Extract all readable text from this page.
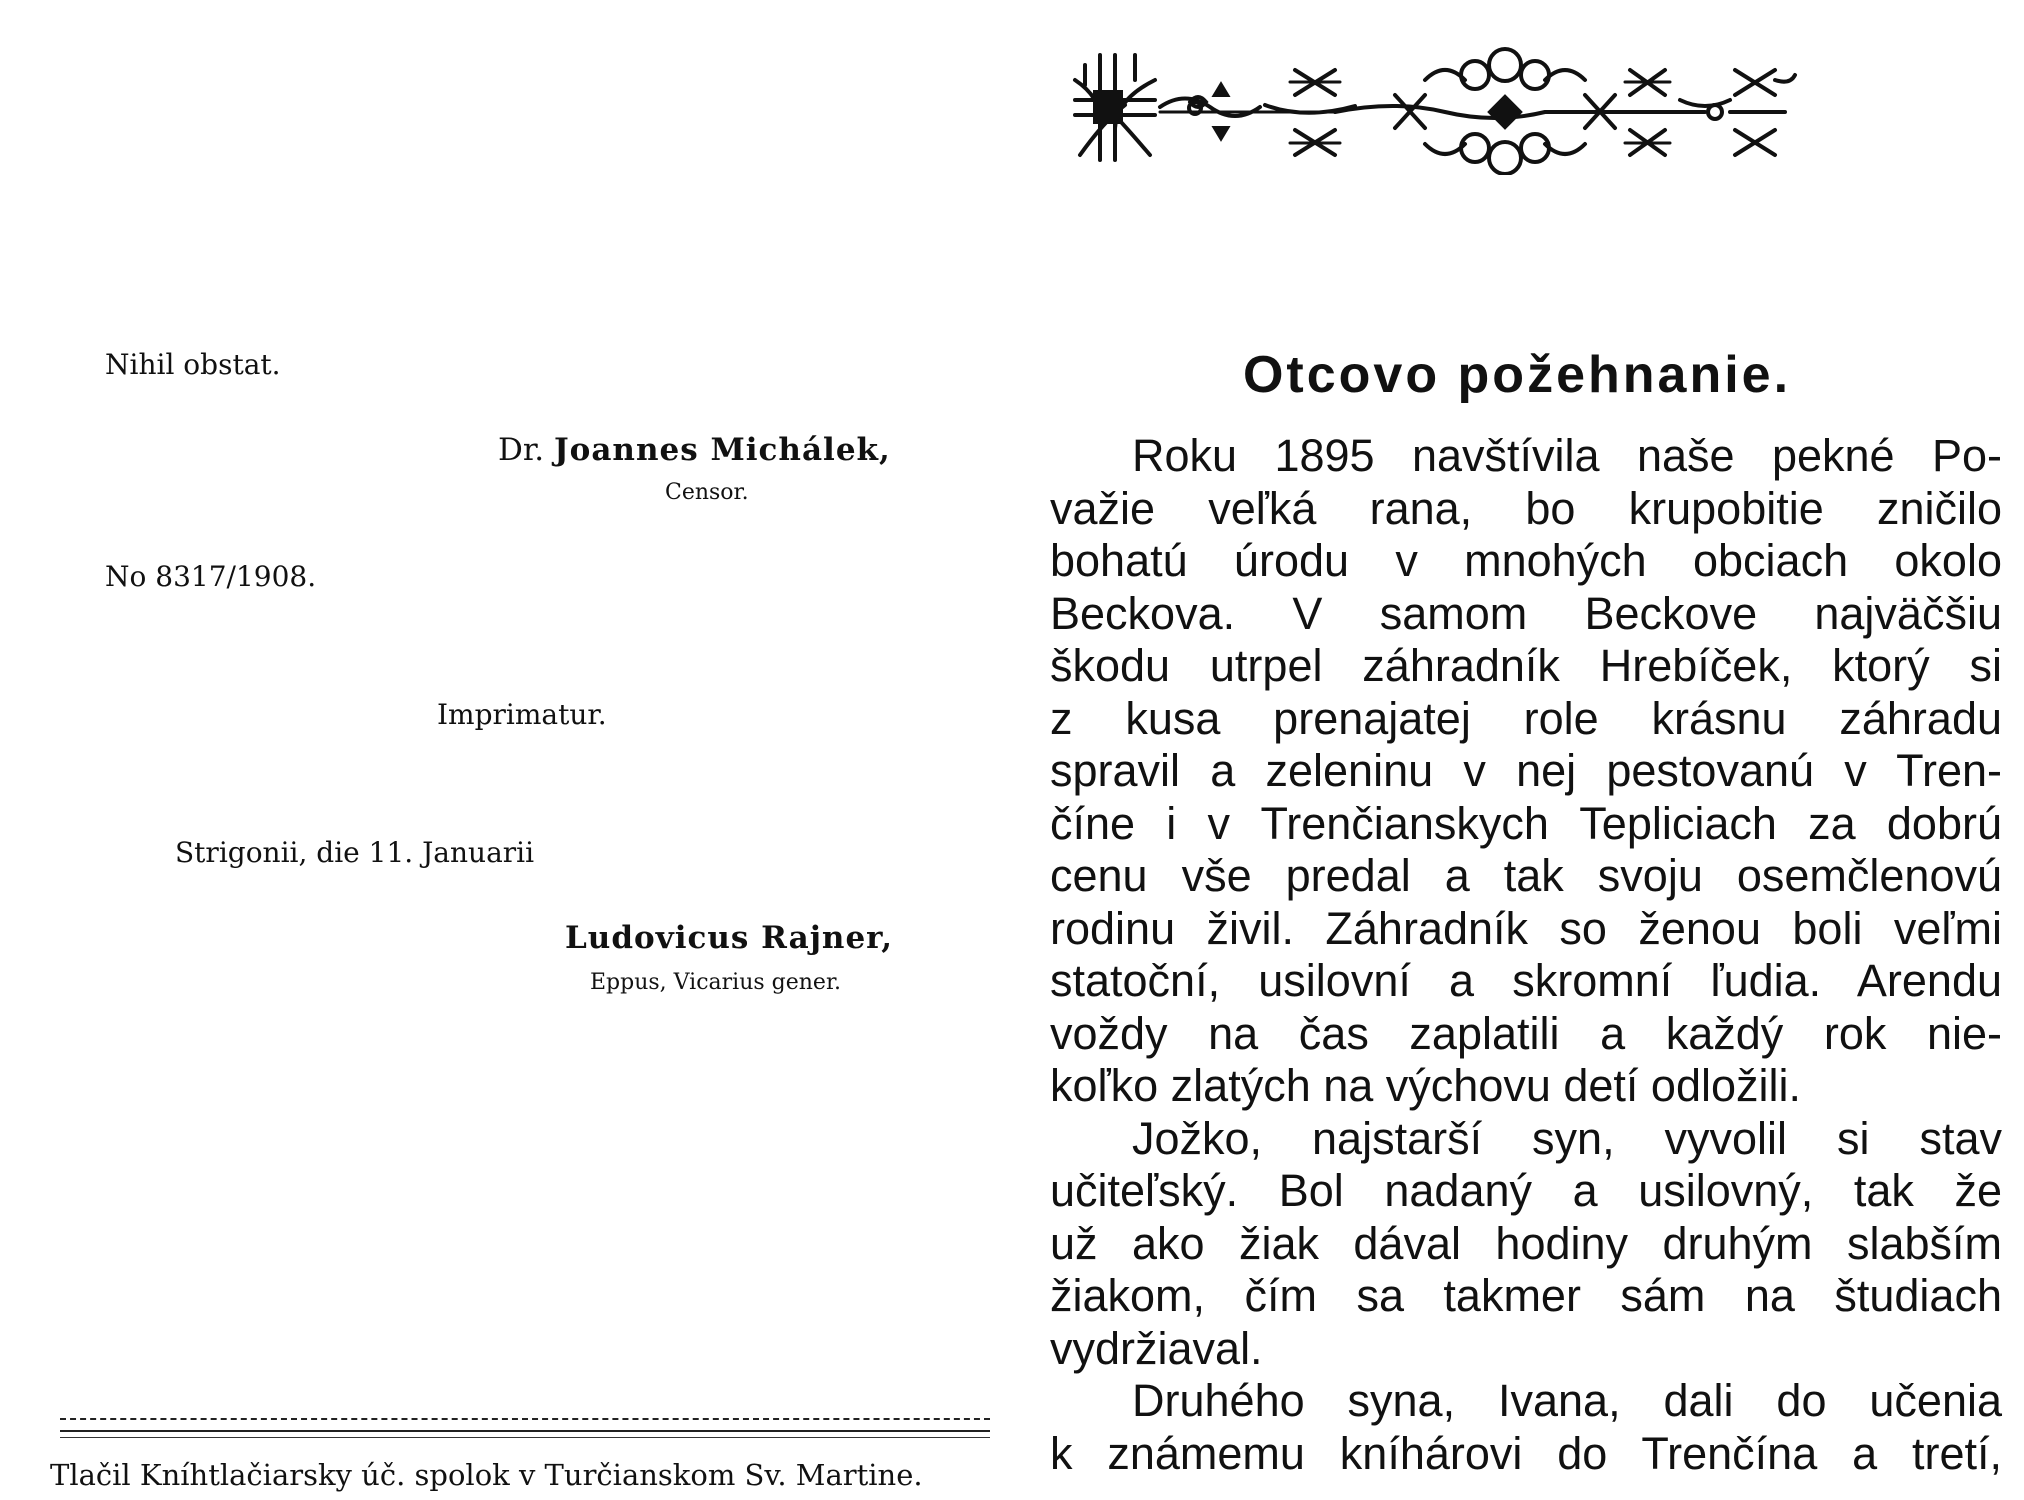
Nihil obstat.
Dr. Joannes Michálek,
Censor.
No 8317/1908.
Imprimatur.
Strigonii, die 11. Januarii
Ludovicus Rajner,
Eppus, Vicarius gener.
Tlačil Kníhtlačiarsky úč. spolok v Turčianskom Sv. Martine.
Otcovo požehnanie.
Roku 1895 navštívila naše pekné Po-
važie veľká rana, bo krupobitie zničilo
bohatú úrodu v mnohých obciach okolo
Beckova. V samom Beckove najväčšiu
škodu utrpel záhradník Hrebíček, ktorý si
z kusa prenajatej role krásnu záhradu
spravil a zeleninu v nej pestovanú v Tren-
číne i v Trenčianskych Tepliciach za dobrú
cenu vše predal a tak svoju osemčlenovú
rodinu živil. Záhradník so ženou boli veľmi
statoční, usilovní a skromní ľudia. Arendu
voždy na čas zaplatili a každý rok nie-
koľko zlatých na výchovu detí odložili.
Jožko, najstarší syn, vyvolil si stav
učiteľský. Bol nadaný a usilovný, tak že
už ako žiak dával hodiny druhým slabším
žiakom, čím sa takmer sám na študiach
vydržiaval.
Druhého syna, Ivana, dali do učenia
k známemu kníhárovi do Trenčína a tretí,
